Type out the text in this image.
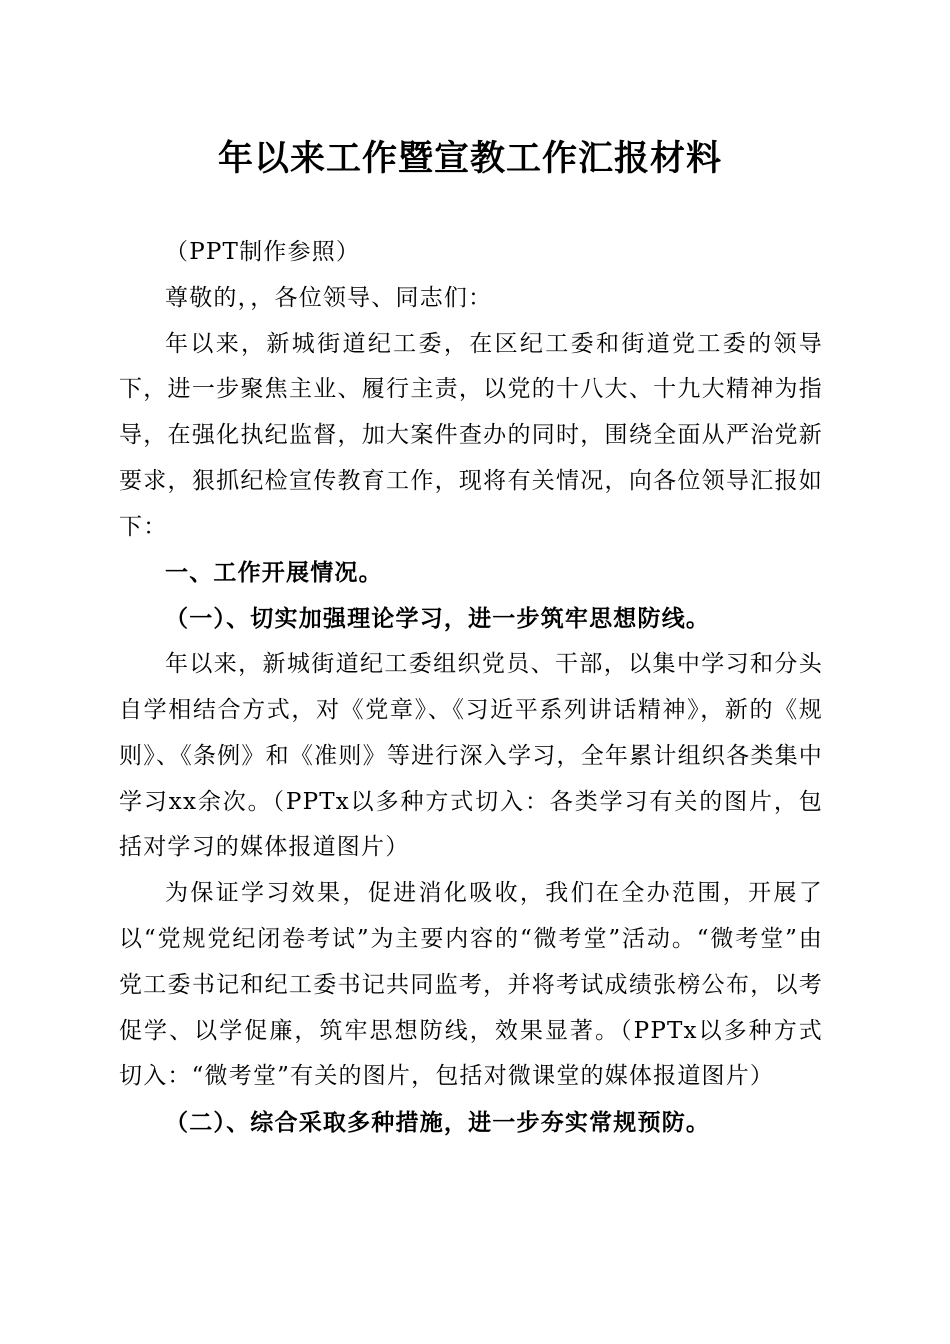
年以来工作暨宣教工作汇报材料

（PPT制作参照）

尊敬的，，各位领导、同志们：

年以来，新城街道纪工委，在区纪工委和街道党工委的领导下，进一步聚焦主业、履行主责，以党的十八大、十九大精神为指导，在强化执纪监督，加大案件查办的同时，围绕全面从严治党新要求，狠抓纪检宣传教育工作，现将有关情况，向各位领导汇报如下：

一、工作开展情况。

（一）、切实加强理论学习，进一步筑牢思想防线。

年以来，新城街道纪工委组织党员、干部，以集中学习和分头自学相结合方式，对《党章》、《习近平系列讲话精神》，新的《规则》、《条例》和《准则》等进行深入学习，全年累计组织各类集中学习xx余次。（PPTx以多种方式切入：各类学习有关的图片，包括对学习的媒体报道图片）

为保证学习效果，促进消化吸收，我们在全办范围，开展了以“党规党纪闭卷考试”为主要内容的“微考堂”活动。“微考堂”由党工委书记和纪工委书记共同监考，并将考试成绩张榜公布，以考促学、以学促廉，筑牢思想防线，效果显著。（PPTx以多种方式切入：“微考堂”有关的图片，包括对微课堂的媒体报道图片）

（二）、综合采取多种措施，进一步夯实常规预防。
